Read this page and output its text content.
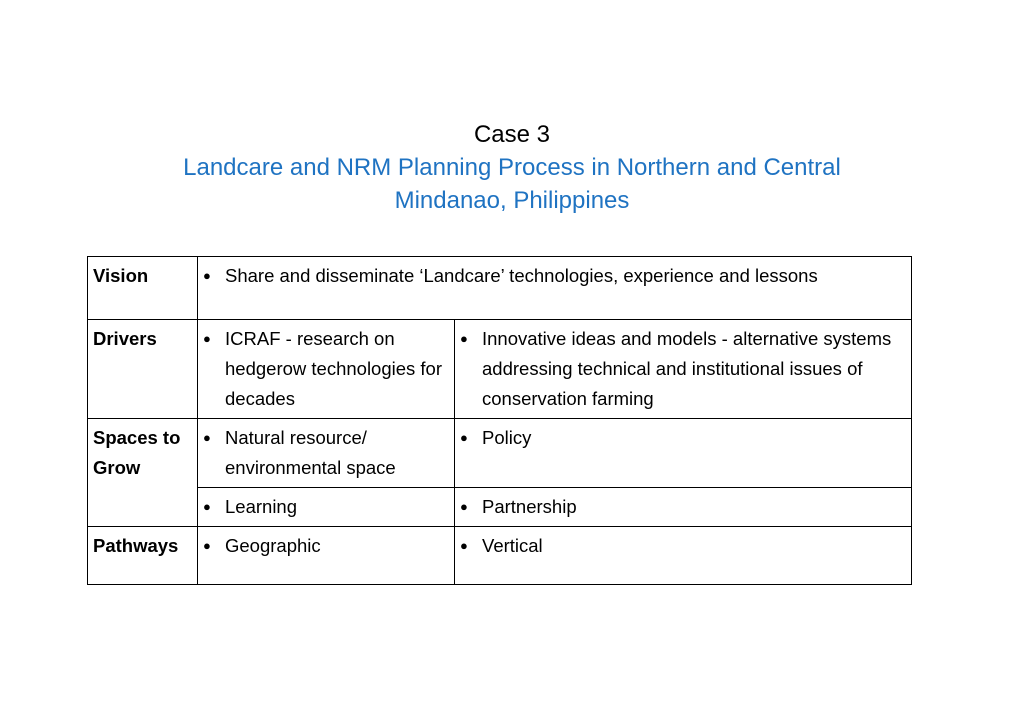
Case 3
Landcare and NRM Planning Process in Northern and Central
Mindanao, Philippines
Vision	● Share and disseminate ‘Landcare’ technologies, experience and lessons	

Drivers	● ICRAF - research on hedgerow technologies for decades	● Innovative ideas and models - alternative systems addressing technical and institutional issues of conservation farming

Spaces to Grow	● Natural resource/ environmental space	● Policy

	● Learning	● Partnership

Pathways	● Geographic	● Vertical
